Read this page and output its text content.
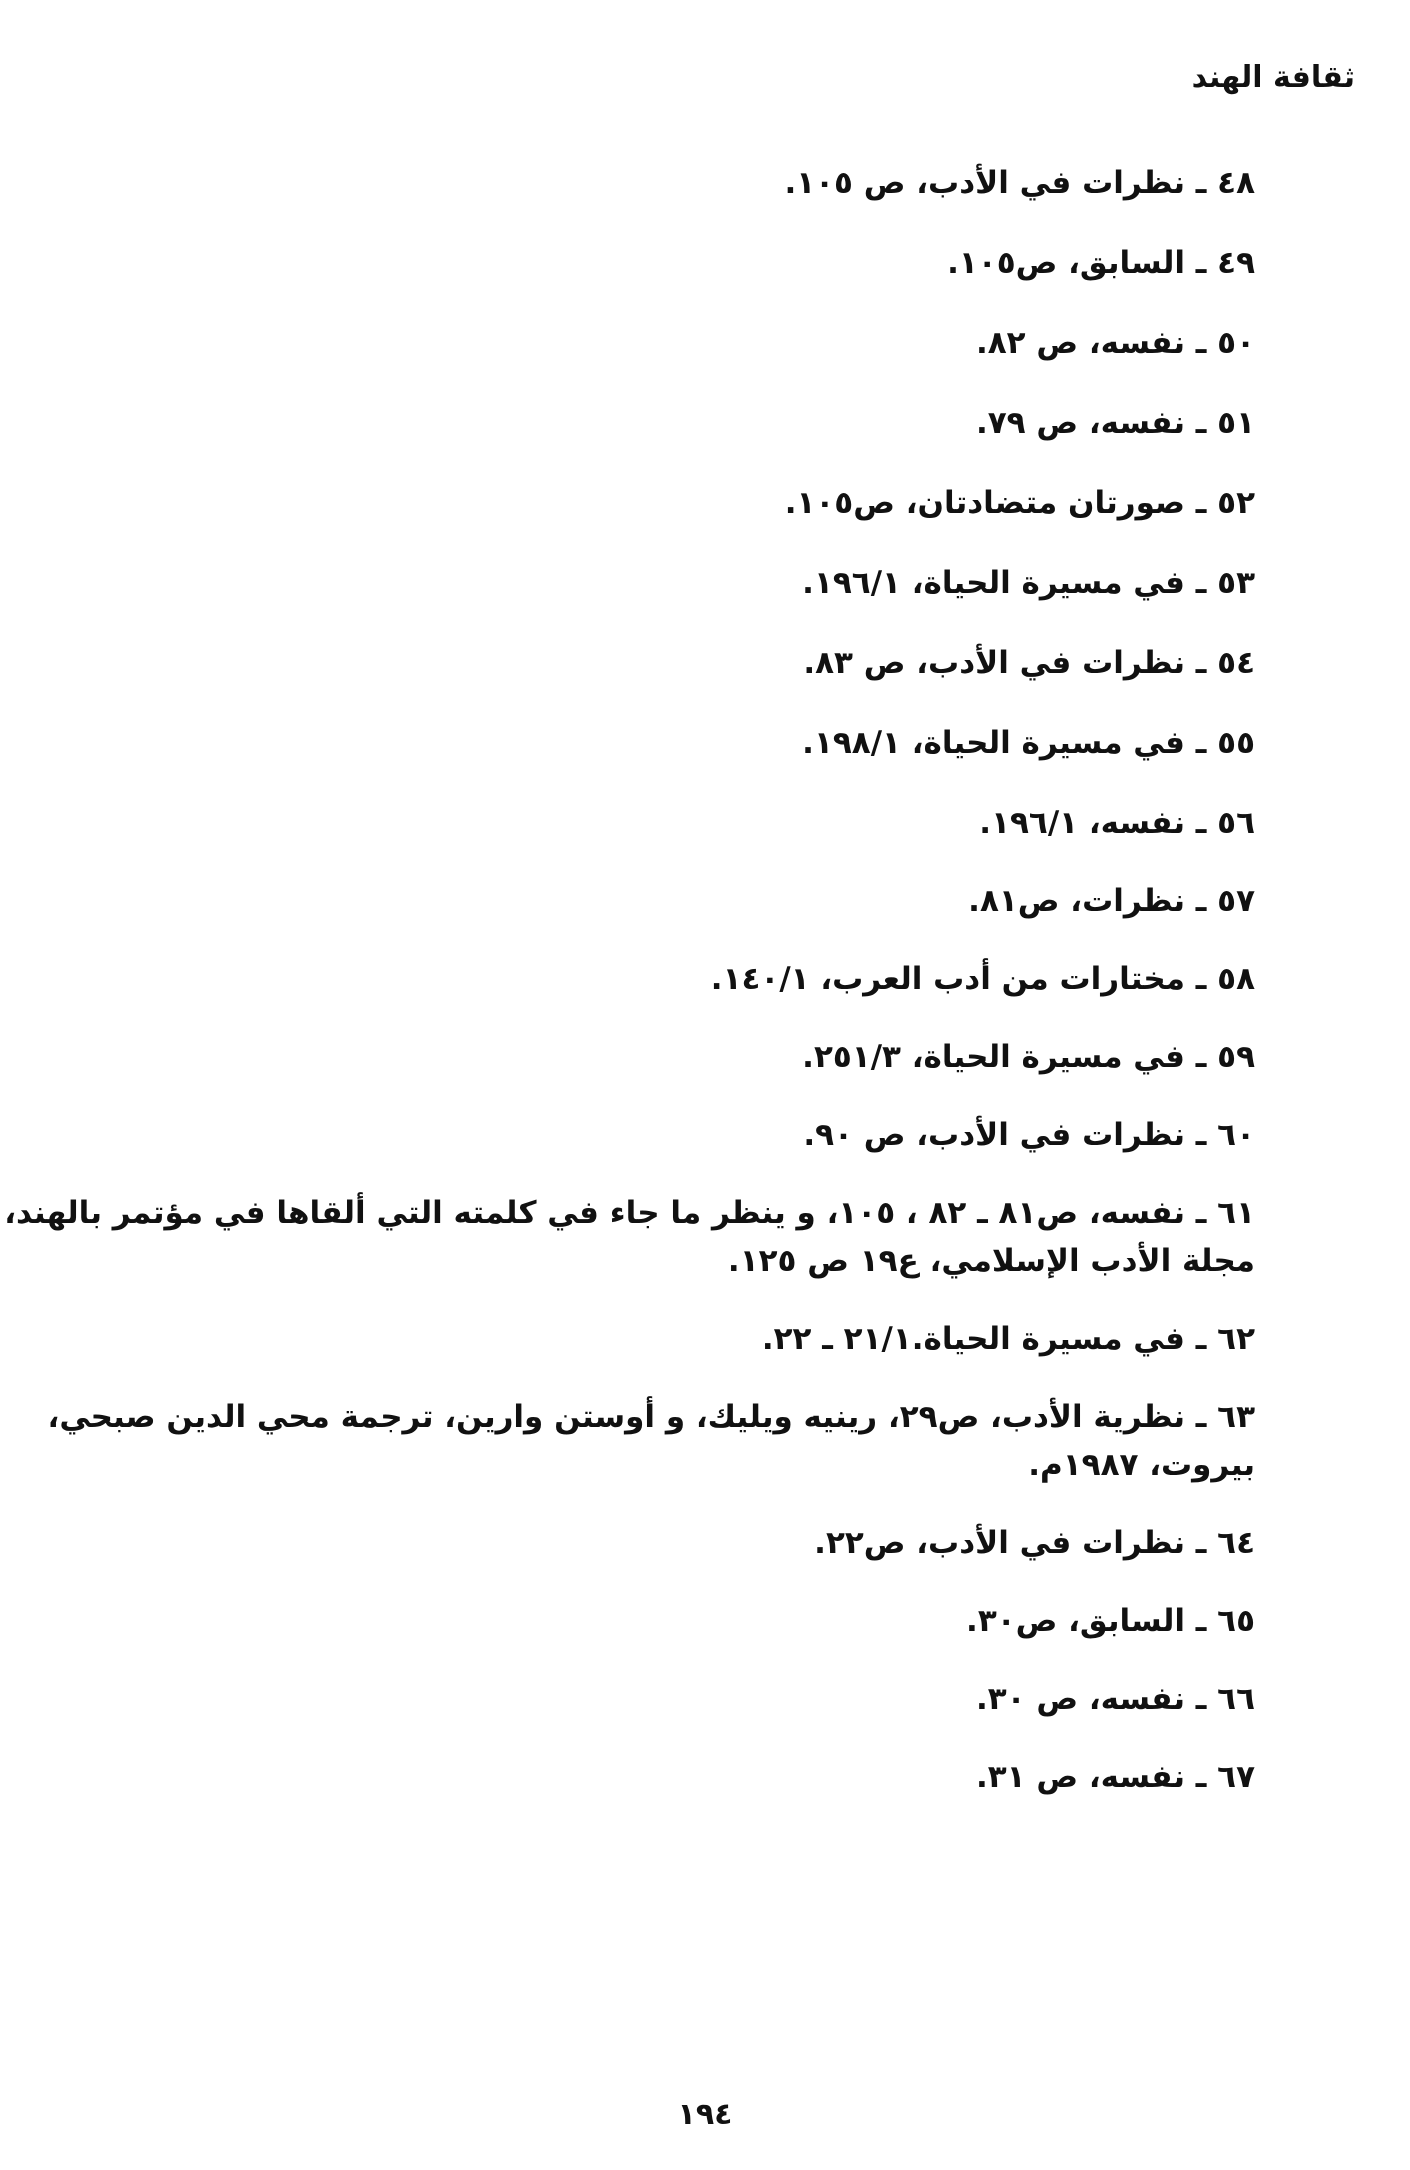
ثقافة الهند
٤٨ ـ نظرات في الأدب، ص ١٠٥.
٤٩ ـ السابق، ص١٠٥.
٥٠ ـ نفسه، ص ٨٢.
٥١ ـ نفسه، ص ٧٩.
٥٢ ـ صورتان متضادتان، ص١٠٥.
٥٣ ـ في مسيرة الحياة، ١٩٦/١.
٥٤ ـ نظرات في الأدب، ص ٨٣.
٥٥ ـ في مسيرة الحياة، ١٩٨/١.
٥٦ ـ نفسه، ١٩٦/١.
٥٧ ـ نظرات، ص٨١.
٥٨ ـ مختارات من أدب العرب، ١٤٠/١.
٥٩ ـ في مسيرة الحياة، ٢٥١/٣.
٦٠ ـ نظرات في الأدب، ص ٩٠.
٦١ ـ نفسه، ص٨١ ـ ٨٢ ، ١٠٥، و ينظر ما جاء في كلمته التي ألقاها في مؤتمر بالهند،
مجلة الأدب الإسلامي، ع١٩ ص ١٢٥.
٦٢ ـ في مسيرة الحياة.٢١/١ ـ ٢٢.
٦٣ ـ نظرية الأدب، ص٢٩، رينيه ويليك، و أوستن وارين، ترجمة محي الدين صبحي،
بيروت، ١٩٨٧م.
٦٤ ـ نظرات في الأدب، ص٢٢.
٦٥ ـ السابق، ص٣٠.
٦٦ ـ نفسه، ص ٣٠.
٦٧ ـ نفسه، ص ٣١.
١٩٤
